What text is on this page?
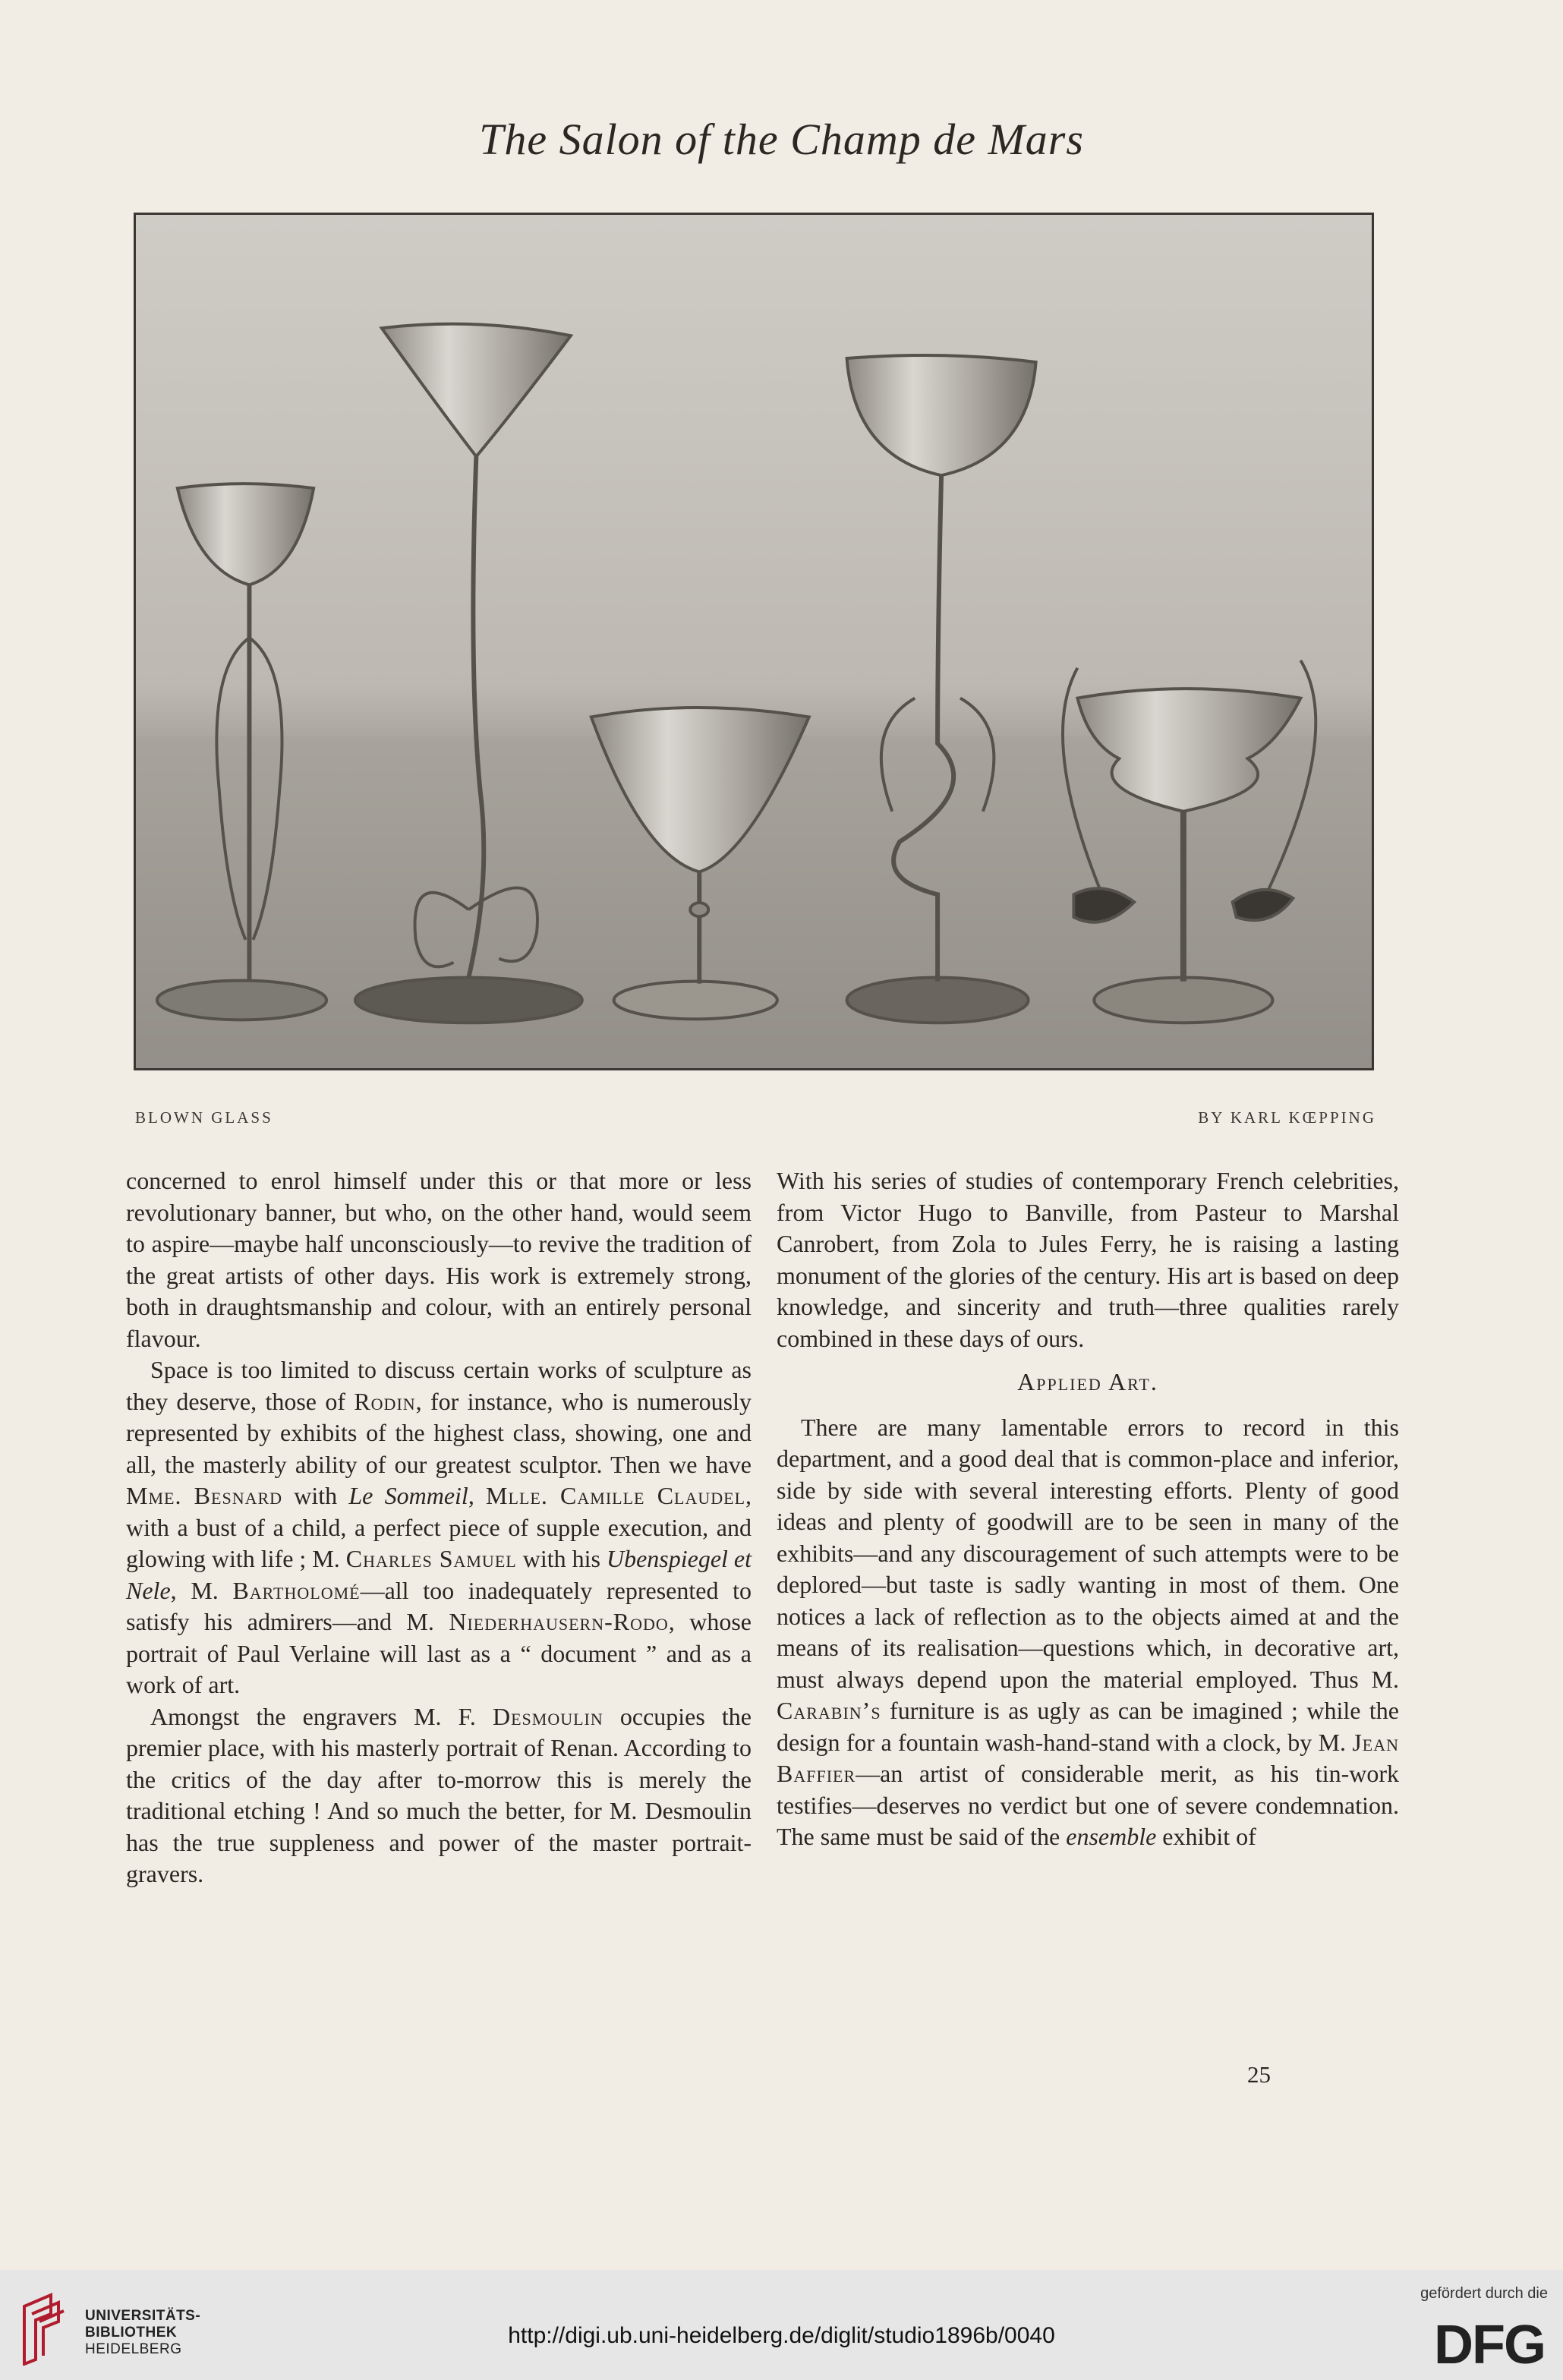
The Salon of the Champ de Mars
BLOWN GLASS	BY KARL KŒPPING

concerned to enrol himself under this or that more or less revolutionary banner, but who, on the other hand, would seem to aspire—maybe half unconsciously—to revive the tradition of the great artists of other days. His work is extremely strong, both in draughtsmanship and colour, with an entirely personal flavour.

Space is too limited to discuss certain works of sculpture as they deserve, those of Rodin, for instance, who is numerously represented by exhibits of the highest class, showing, one and all, the masterly ability of our greatest sculptor. Then we have Mme. Besnard with Le Sommeil, Mlle. Camille Claudel, with a bust of a child, a perfect piece of supple execution, and glowing with life ; M. Charles Samuel with his Ubenspiegel et Nele, M. Bartholomé—all too inadequately represented to satisfy his admirers—and M. Niederhausern-Rodo, whose portrait of Paul Verlaine will last as a “ document ” and as a work of art.

Amongst the engravers M. F. Desmoulin occupies the premier place, with his masterly portrait of Renan. According to the critics of the day after to-morrow this is merely the traditional etching ! And so much the better, for M. Desmoulin has the true suppleness and power of the master portrait-gravers.

With his series of studies of contemporary French celebrities, from Victor Hugo to Banville, from Pasteur to Marshal Canrobert, from Zola to Jules Ferry, he is raising a lasting monument of the glories of the century. His art is based on deep knowledge, and sincerity and truth—three qualities rarely combined in these days of ours.

Applied Art.

There are many lamentable errors to record in this department, and a good deal that is common-place and inferior, side by side with several interesting efforts. Plenty of good ideas and plenty of goodwill are to be seen in many of the exhibits—and any discouragement of such attempts were to be deplored—but taste is sadly wanting in most of them. One notices a lack of reflection as to the objects aimed at and the means of its realisation—questions which, in decorative art, must always depend upon the material employed. Thus M. Carabin’s furniture is as ugly as can be imagined ; while the design for a fountain wash-hand-stand with a clock, by M. Jean Baffier—an artist of considerable merit, as his tin-work testifies—deserves no verdict but one of severe condemnation. The same must be said of the ensemble exhibit of

25
UNIVERSITÄTS-
BIBLIOTHEK
HEIDELBERG
http://digi.ub.uni-heidelberg.de/diglit/studio1896b/0040
gefördert durch die
DFG
